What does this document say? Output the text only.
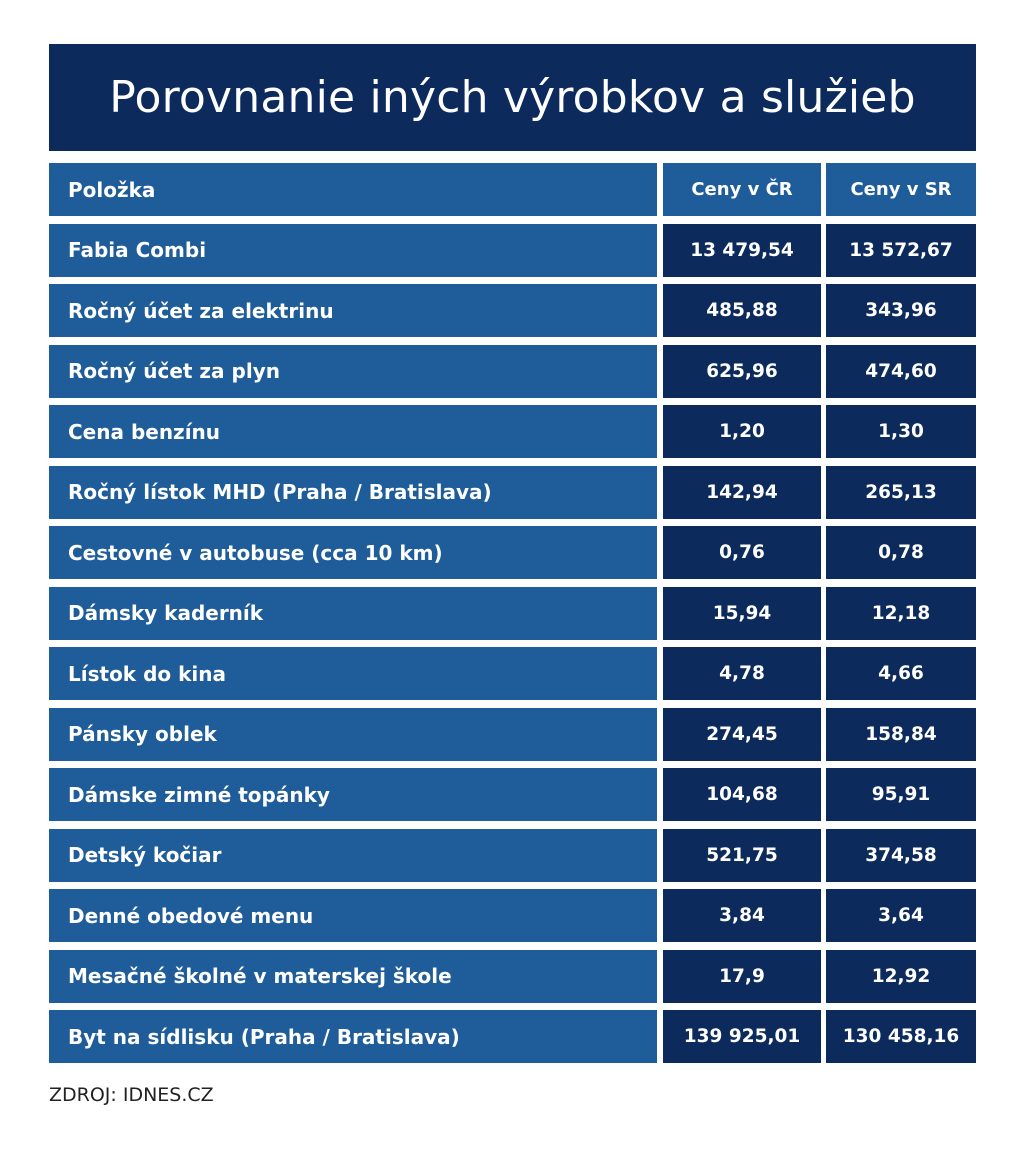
Porovnanie iných výrobkov a služieb
Položka	Ceny v ČR	Ceny v SR
Fabia Combi	13 479,54	13 572,67
Ročný účet za elektrinu	485,88	343,96
Ročný účet za plyn	625,96	474,60
Cena benzínu	1,20	1,30
Ročný lístok MHD (Praha / Bratislava)	142,94	265,13
Cestovné v autobuse (cca 10 km)	0,76	0,78
Dámsky kaderník	15,94	12,18
Lístok do kina	4,78	4,66
Pánsky oblek	274,45	158,84
Dámske zimné topánky	104,68	95,91
Detský kočiar	521,75	374,58
Denné obedové menu	3,84	3,64
Mesačné školné v materskej škole	17,9	12,92
Byt na sídlisku (Praha / Bratislava)	139 925,01	130 458,16
ZDROJ: IDNES.CZ
